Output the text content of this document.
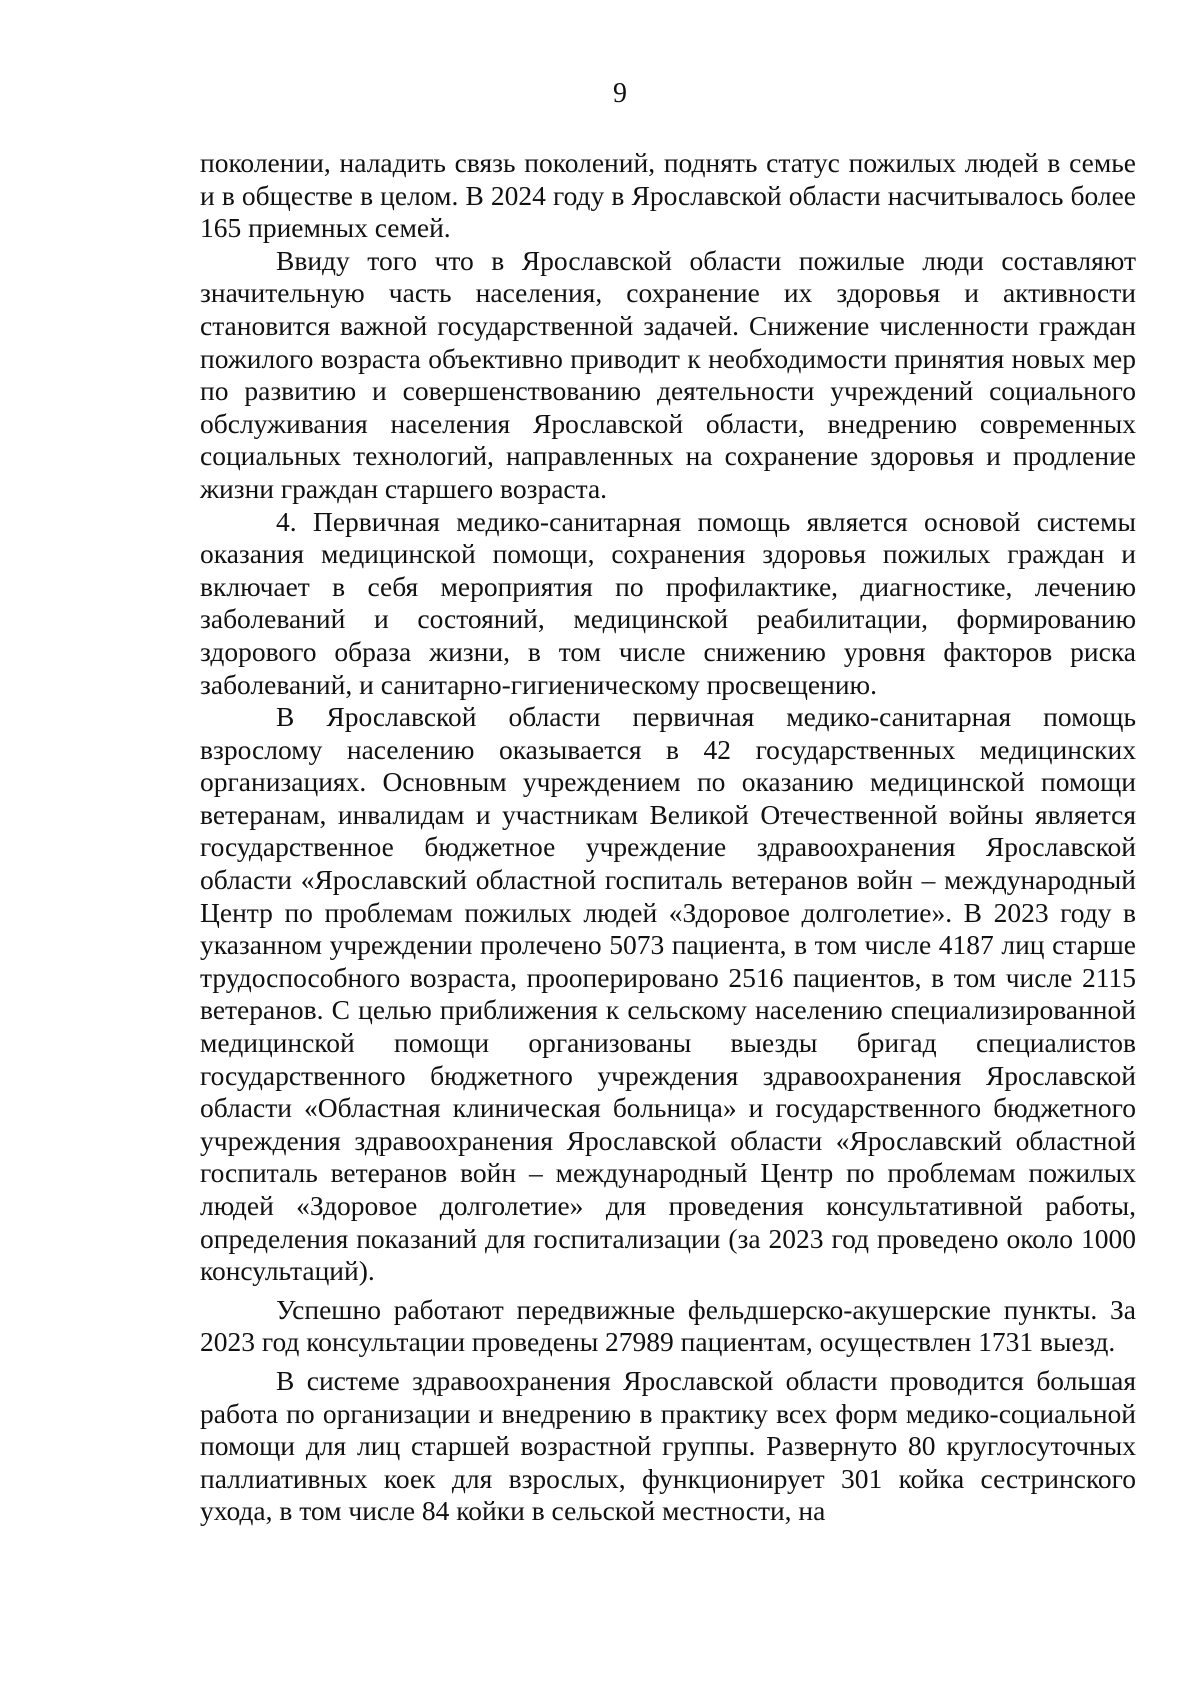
9

поколении, наладить связь поколений, поднять статус пожилых людей в семье и в обществе в целом. В 2024 году в Ярославской области насчитывалось более 165 приемных семей.

Ввиду того что в Ярославской области пожилые люди составляют значительную часть населения, сохранение их здоровья и активности становится важной государственной задачей. Снижение численности граждан пожилого возраста объективно приводит к необходимости принятия новых мер по развитию и совершенствованию деятельности учреждений социального обслуживания населения Ярославской области, внедрению современных социальных технологий, направленных на сохранение здоровья и продление жизни граждан старшего возраста.

4. Первичная медико-санитарная помощь является основой системы оказания медицинской помощи, сохранения здоровья пожилых граждан и включает в себя мероприятия по профилактике, диагностике, лечению заболеваний и состояний, медицинской реабилитации, формированию здорового образа жизни, в том числе снижению уровня факторов риска заболеваний, и санитарно-гигиеническому просвещению.

В Ярославской области первичная медико-санитарная помощь взрослому населению оказывается в 42 государственных медицинских организациях. Основным учреждением по оказанию медицинской помощи ветеранам, инвалидам и участникам Великой Отечественной войны является государственное бюджетное учреждение здравоохранения Ярославской области «Ярославский областной госпиталь ветеранов войн – международный Центр по проблемам пожилых людей «Здоровое долголетие». В 2023 году в указанном учреждении пролечено 5073 пациента, в том числе 4187 лиц старше трудоспособного возраста, прооперировано 2516 пациентов, в том числе 2115 ветеранов. С целью приближения к сельскому населению специализированной медицинской помощи организованы выезды бригад специалистов государственного бюджетного учреждения здравоохранения Ярославской области «Областная клиническая больница» и государственного бюджетного учреждения здравоохранения Ярославской области «Ярославский областной госпиталь ветеранов войн – международный Центр по проблемам пожилых людей «Здоровое долголетие» для проведения консультативной работы, определения показаний для госпитализации (за 2023 год проведено около 1000 консультаций).

Успешно работают передвижные фельдшерско-акушерские пункты. За 2023 год консультации проведены 27989 пациентам, осуществлен 1731 выезд.

В системе здравоохранения Ярославской области проводится большая работа по организации и внедрению в практику всех форм медико-социальной помощи для лиц старшей возрастной группы. Развернуто 80 круглосуточных паллиативных коек для взрослых, функционирует 301 койка сестринского ухода, в том числе 84 койки в сельской местности, на
